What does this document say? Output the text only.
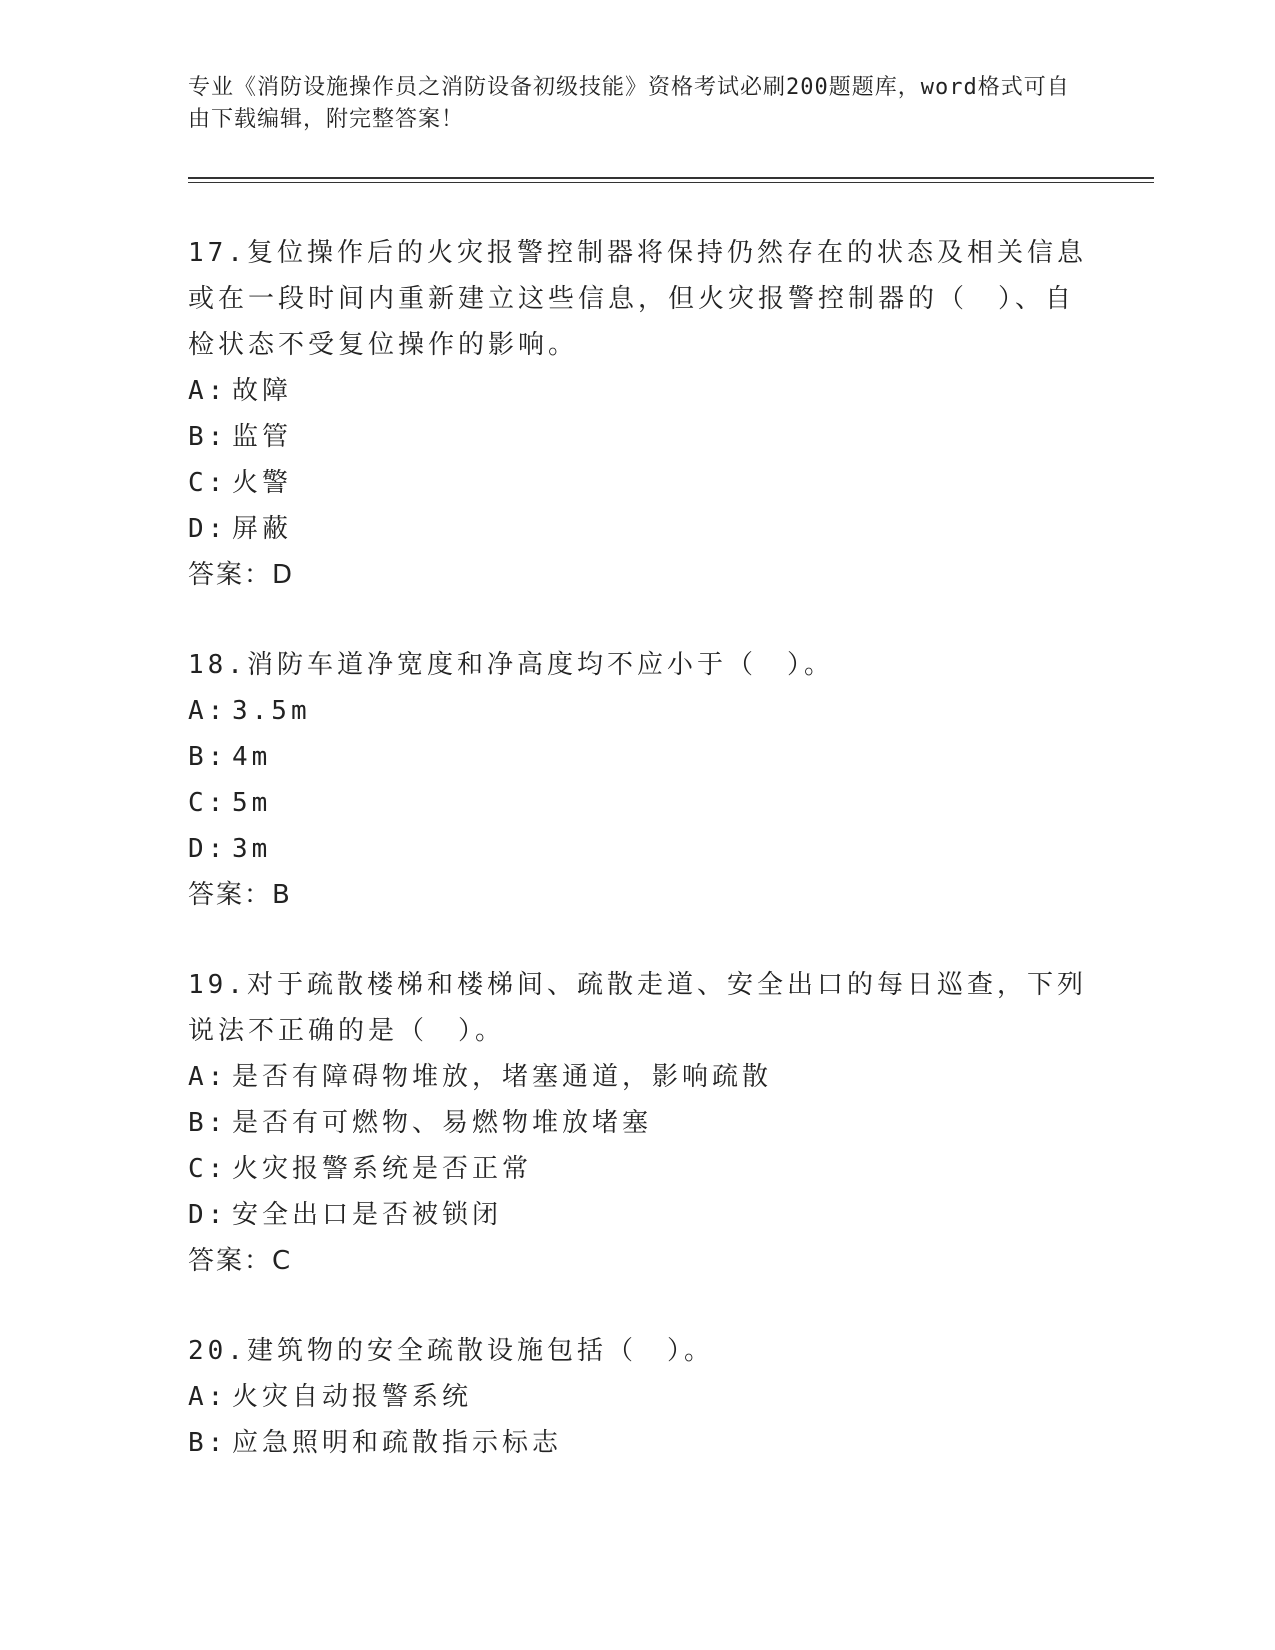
专业《消防设施操作员之消防设备初级技能》资格考试必刷200题题库，word格式可自由下载编辑，附完整答案！
17.复位操作后的火灾报警控制器将保持仍然存在的状态及相关信息或在一段时间内重新建立这些信息，但火灾报警控制器的（　）、自检状态不受复位操作的影响。
A: 故障
B: 监管
C: 火警
D: 屏蔽
答案：D
18.消防车道净宽度和净高度均不应小于（　）。
A: 3.5m
B: 4m
C: 5m
D: 3m
答案：B
19.对于疏散楼梯和楼梯间、疏散走道、安全出口的每日巡查，下列说法不正确的是（　）。
A: 是否有障碍物堆放，堵塞通道，影响疏散
B: 是否有可燃物、易燃物堆放堵塞
C: 火灾报警系统是否正常
D: 安全出口是否被锁闭
答案：C
20.建筑物的安全疏散设施包括（　）。
A: 火灾自动报警系统
B: 应急照明和疏散指示标志
